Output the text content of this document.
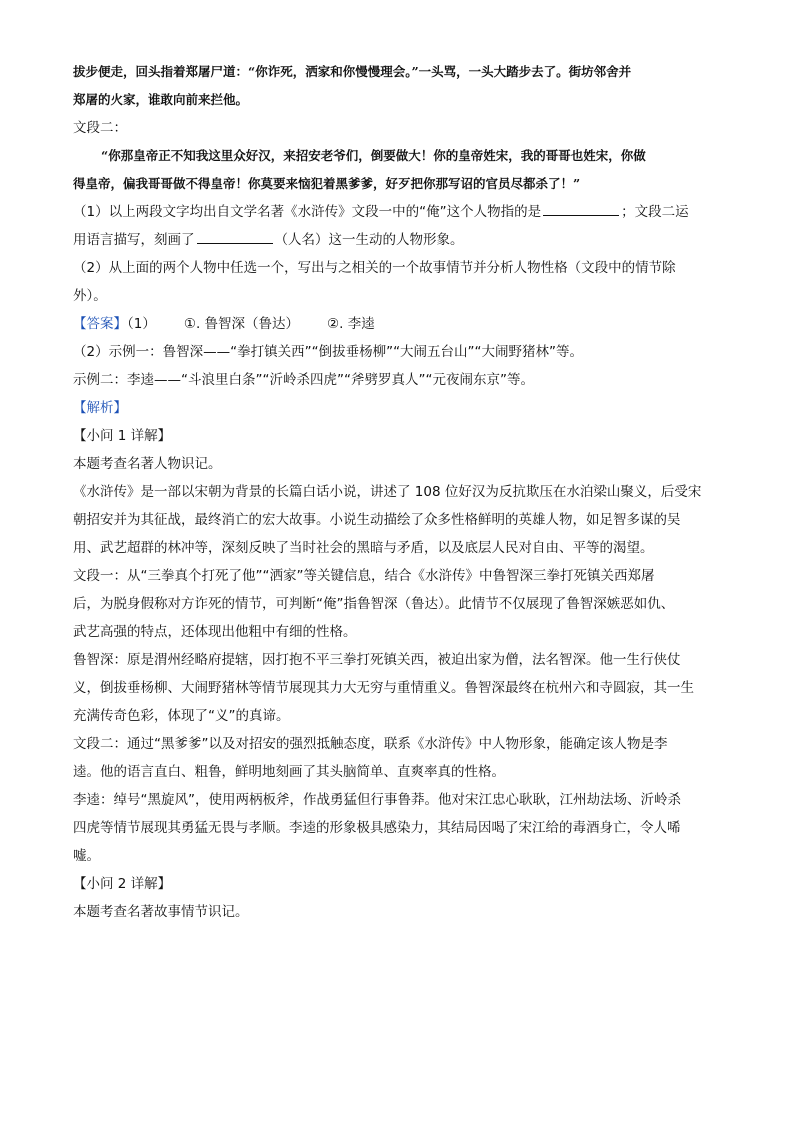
拔步便走，回头指着郑屠尸道：“你诈死，洒家和你慢慢理会。”一头骂，一头大踏步去了。街坊邻舍并
郑屠的火家，谁敢向前来拦他。
文段二：
“你那皇帝正不知我这里众好汉，来招安老爷们，倒要做大！你的皇帝姓宋，我的哥哥也姓宋，你做
得皇帝，偏我哥哥做不得皇帝！你莫要来恼犯着黑爹爹，好歹把你那写诏的官员尽都杀了！”
（1）以上两段文字均出自文学名著《水浒传》文段一中的“俺”这个人物指的是	；文段二运
用语言描写，刻画了	（人名）这一生动的人物形象。
（2）从上面的两个人物中任选一个，写出与之相关的一个故事情节并分析人物性格（文段中的情节除
外）。
【答案】（1） ①. 鲁智深（鲁达） ②. 李逵
（2）示例一：鲁智深——“拳打镇关西”“倒拔垂杨柳”“大闹五台山”“大闹野猪林”等。
示例二：李逵——“斗浪里白条”“沂岭杀四虎”“斧劈罗真人”“元夜闹东京”等。
【解析】
【小问 1 详解】
本题考查名著人物识记。
《水浒传》是一部以宋朝为背景的长篇白话小说，讲述了 108 位好汉为反抗欺压在水泊梁山聚义，后受宋
朝招安并为其征战，最终消亡的宏大故事。小说生动描绘了众多性格鲜明的英雄人物，如足智多谋的吴
用、武艺超群的林冲等，深刻反映了当时社会的黑暗与矛盾，以及底层人民对自由、平等的渴望。
文段一：从“三拳真个打死了他”“洒家”等关键信息，结合《水浒传》中鲁智深三拳打死镇关西郑屠
后，为脱身假称对方诈死的情节，可判断“俺”指鲁智深（鲁达）。此情节不仅展现了鲁智深嫉恶如仇、
武艺高强的特点，还体现出他粗中有细的性格。
鲁智深：原是渭州经略府提辖，因打抱不平三拳打死镇关西，被迫出家为僧，法名智深。他一生行侠仗
义，倒拔垂杨柳、大闹野猪林等情节展现其力大无穷与重情重义。鲁智深最终在杭州六和寺圆寂，其一生
充满传奇色彩，体现了“义”的真谛。
文段二：通过“黑爹爹”以及对招安的强烈抵触态度，联系《水浒传》中人物形象，能确定该人物是李
逵。他的语言直白、粗鲁，鲜明地刻画了其头脑简单、直爽率真的性格。
李逵：绰号“黑旋风”，使用两柄板斧，作战勇猛但行事鲁莽。他对宋江忠心耿耿，江州劫法场、沂岭杀
四虎等情节展现其勇猛无畏与孝顺。李逵的形象极具感染力，其结局因喝了宋江给的毒酒身亡，令人唏
嘘。
【小问 2 详解】
本题考查名著故事情节识记。
